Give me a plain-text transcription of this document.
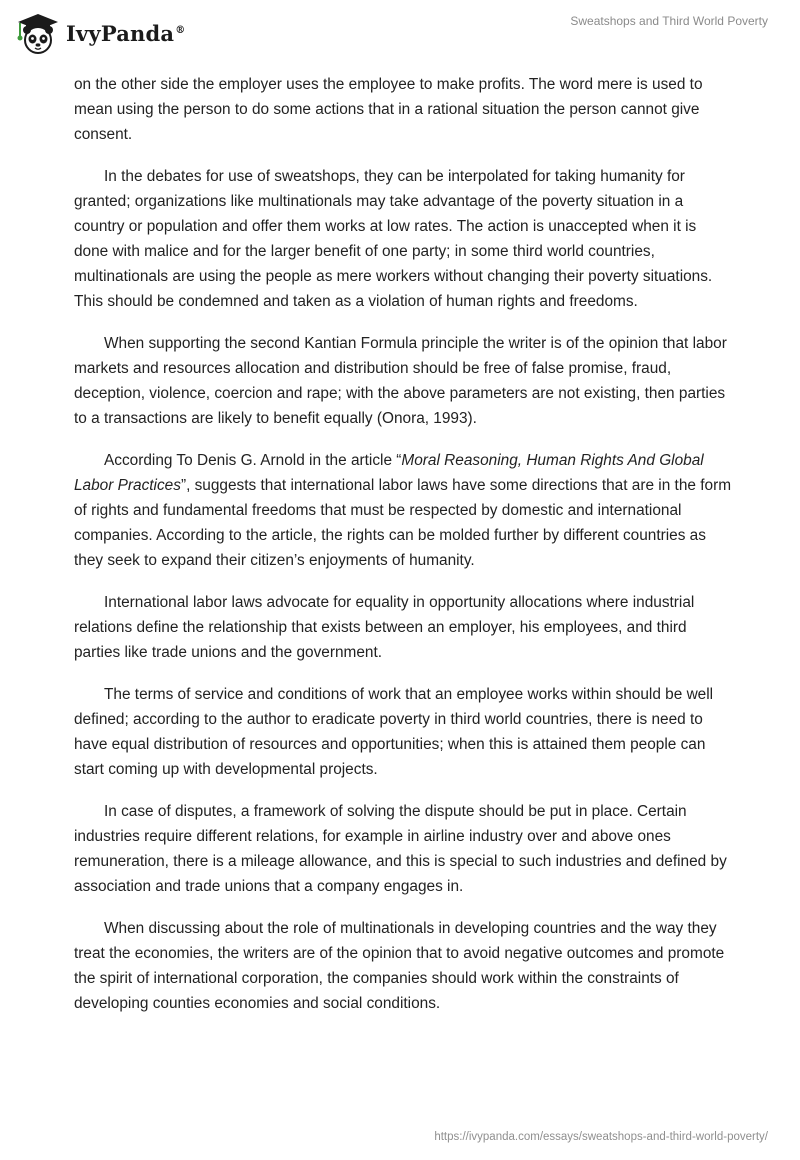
IvyPanda®
Sweatshops and Third World Poverty

on the other side the employer uses the employee to make profits. The word mere is used to mean using the person to do some actions that in a rational situation the person cannot give consent.

In the debates for use of sweatshops, they can be interpolated for taking humanity for granted; organizations like multinationals may take advantage of the poverty situation in a country or population and offer them works at low rates. The action is unaccepted when it is done with malice and for the larger benefit of one party; in some third world countries, multinationals are using the people as mere workers without changing their poverty situations. This should be condemned and taken as a violation of human rights and freedoms.

When supporting the second Kantian Formula principle the writer is of the opinion that labor markets and resources allocation and distribution should be free of false promise, fraud, deception, violence, coercion and rape; with the above parameters are not existing, then parties to a transactions are likely to benefit equally (Onora, 1993).

According To Denis G. Arnold in the article “Moral Reasoning, Human Rights And Global Labor Practices”, suggests that international labor laws have some directions that are in the form of rights and fundamental freedoms that must be respected by domestic and international companies. According to the article, the rights can be molded further by different countries as they seek to expand their citizen’s enjoyments of humanity.

International labor laws advocate for equality in opportunity allocations where industrial relations define the relationship that exists between an employer, his employees, and third parties like trade unions and the government.

The terms of service and conditions of work that an employee works within should be well defined; according to the author to eradicate poverty in third world countries, there is need to have equal distribution of resources and opportunities; when this is attained them people can start coming up with developmental projects.

In case of disputes, a framework of solving the dispute should be put in place. Certain industries require different relations, for example in airline industry over and above ones remuneration, there is a mileage allowance, and this is special to such industries and defined by association and trade unions that a company engages in.

When discussing about the role of multinationals in developing countries and the way they treat the economies, the writers are of the opinion that to avoid negative outcomes and promote the spirit of international corporation, the companies should work within the constraints of developing counties economies and social conditions.

https://ivypanda.com/essays/sweatshops-and-third-world-poverty/
